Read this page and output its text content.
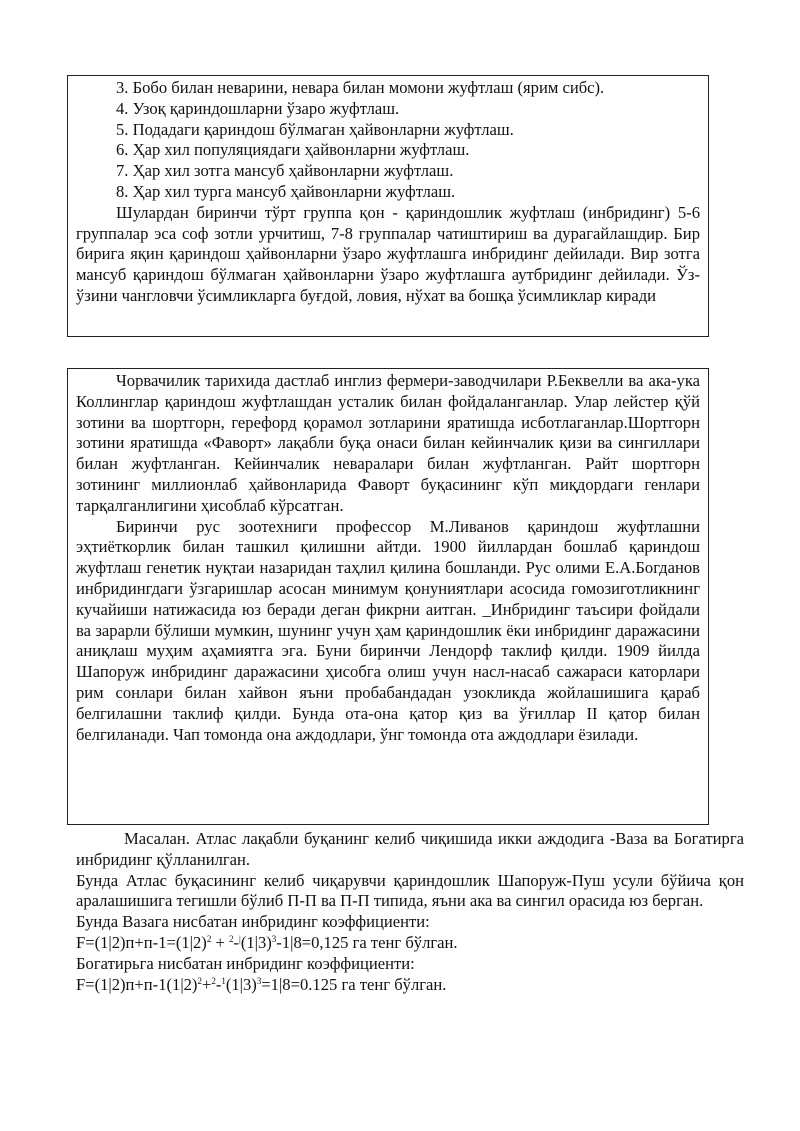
3. Бобо билан неварини, невара билан момони жуфтлаш (ярим сибс).
4. Узоқ қариндошларни ўзаро жуфтлаш.
5. Подадаги қариндош бўлмаган ҳайвонларни жуфтлаш.
6. Ҳар хил популяциядаги ҳайвонларни жуфтлаш.
7. Ҳар хил зотга мансуб ҳайвонларни жуфтлаш.
8. Ҳар хил турга мансуб ҳайвонларни жуфтлаш.

Шулардан биринчи тўрт группа қон - қариндошлик жуфтлаш (инбридинг) 5-6 группалар эса соф зотли урчитиш, 7-8 группалар чатиштириш ва дурагайлашдир. Бир бирига яқин қариндош ҳайвонларни ўзаро жуфтлашга инбридинг дейилади. Вир зотга мансуб қариндош бўлмаган ҳайвонларни ўзаро жуфтлашга аутбридинг дейилади. Ўз-ўзини чангловчи ўсимликларга буғдой, ловия, нўхат ва бошқа ўсимликлар киради

Чорвачилик тарихида дастлаб инглиз фермери-заводчилари Р.Беквелли ва ака-ука Коллинглар қариндош жуфтлашдан усталик билан фойдаланганлар. Улар лейстер қўй зотини ва шортгорн, герефорд қорамол зотларини яратишда исботлаганлар.Шортгорн зотини яратишда «Фаворт» лақабли буқа онаси билан кейинчалик қизи ва сингиллари билан жуфтланган. Кейинчалик невaралари билан жуфтланган. Райт шортгорн зотининг миллионлаб ҳайвонларида Фаворт буқасининг кўп миқдордаги генлари тарқалганлигини ҳисоблаб кўрсатган.

Биринчи рус зоотехниги профессор М.Ливанов қариндош жуфтлашни эҳтиёткорлик билан ташкил қилишни айтди. 1900 йиллардан бошлаб қариндош жуфтлаш генетик нуқтаи назаридан таҳлил қилина бошланди. Рус олими Е.А.Богданов инбридингдаги ўзгаришлар асосан минимум қонуниятлари асосида гомозиготликнинг кучайиши натижасида юз беради деган фикрни аитган. _Инбридинг таъсири фойдали ва зарарли бўлиши мумкин, шунинг учун ҳам қариндошлик ёки инбридинг даражасини аниқлаш муҳим аҳамиятга эга. Буни биринчи Лендорф таклиф қилди. 1909 йилда Шапоруж инбридинг даражасини ҳисобга олиш учун насл-насаб сажараси каторлари рим сонлари билан хайвон яъни пробабандадан узокликда жойлашишига қараб белгилашни таклиф қилди. Бунда ота-она қатор қиз ва ўғиллар II қатор билан белгиланади. Чап томонда она аждодлари, ўнг томонда ота аждодлари ёзилади.

Масалан. Атлас лақабли буқанинг келиб чиқишида икки аждодига -Ваза ва Богатирга инбридинг қўлланилган.

Бунда Атлас буқасининг келиб чиқарувчи қариндошлик Шапоруж-Пуш усули бўйича қон аралашишига тегишли бўлиб П-П ва П-П типида, яъни ака ва сингил орасида юз берган.

Бунда Вазага нисбатан инбридинг коэффициенти:

$F=(1|2)п+п-1=(1|2)^2 + ^2-^|(1|3)^3-1|8=0,125$ га тенг бўлган.

Богатирьга нисбатан инбридинг коэффициенти:

$F=(1|2)п+п-1(1|2)^2+^2-^1(1|3)^3=1|8=0.125$ га тенг бўлган.
